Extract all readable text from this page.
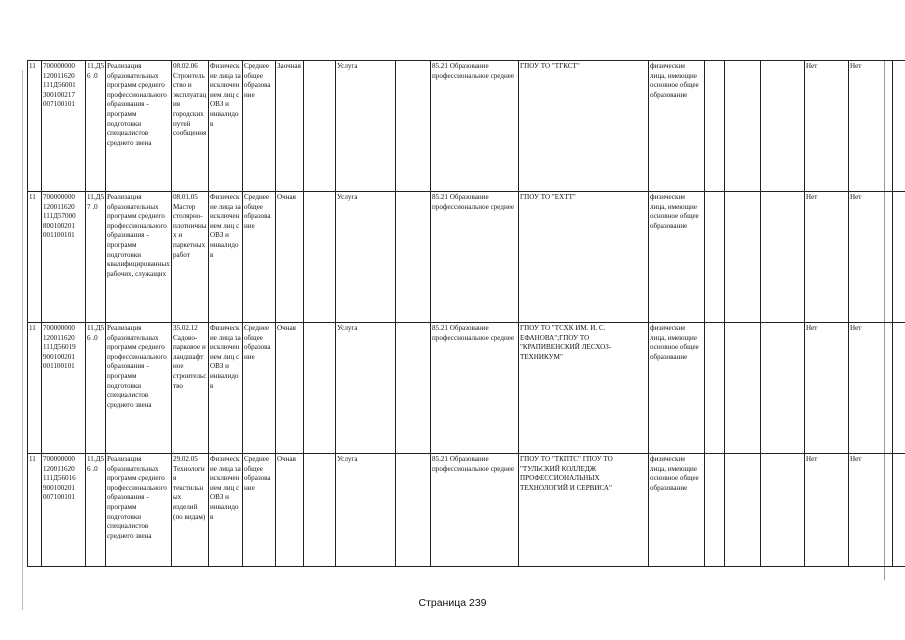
11	700000000 120011620 111Д56001 300100217 007100101	11.Д56 .0	Реализация образовательных программ среднего профессионального образования - программ подготовки специалистов среднего звена	08.02.06 Строительство и эксплуатация городских путей сообщения	Физические лица за исключением лиц с ОВЗ и инвалидов	Среднее общее образование	Заочная		Услуга		85.21 Образование профессиональное среднее	ГПОУ ТО "ТГКСТ"	физические лица, имеющие основное общее образование				Нет	Нет	
11	700000000 120011620 111Д57000 800100201 001100101	11.Д57 .0	Реализация образовательных программ среднего профессионального образования - программ подготовки квалифицированных рабочих, служащих	08.01.05 Мастер столярно-плотничных и паркетных работ	Физические лица за исключением лиц с ОВЗ и инвалидов	Среднее общее образование	Очная		Услуга		85.21 Образование профессиональное среднее	ГПОУ ТО "ЕХТТ"	физические лица, имеющие основное общее образование				Нет	Нет	
11	700000000 120011620 111Д56019 900100201 001100101	11.Д56 .0	Реализация образовательных программ среднего профессионального образования - программ подготовки специалистов среднего звена	35.02.12 Садово-парковое и ландшафтное строительство	Физические лица за исключением лиц с ОВЗ и инвалидов	Среднее общее образование	Очная		Услуга		85.21 Образование профессиональное среднее	ГПОУ ТО "ТСХК ИМ. И. С. ЕФАНОВА";ГПОУ ТО "КРАПИВЕНСКИЙ ЛЕСХОЗ-ТЕХНИКУМ"	физические лица, имеющие основное общее образование				Нет	Нет	
11	700000000 120011620 111Д56016 900100201 007100101	11.Д56 .0	Реализация образовательных программ среднего профессионального образования - программ подготовки специалистов среднего звена	29.02.05 Технология текстильных изделий (по видам)	Физические лица за исключением лиц с ОВЗ и инвалидов	Среднее общее образование	Очная		Услуга		85.21 Образование профессиональное среднее	ГПОУ ТО "ТКПТС" ГПОУ ТО "ТУЛЬСКИЙ КОЛЛЕДЖ ПРОФЕССИОНАЛЬНЫХ ТЕХНОЛОГИЙ И СЕРВИСА"	физические лица, имеющие основное общее образование				Нет	Нет	
Страница 239
